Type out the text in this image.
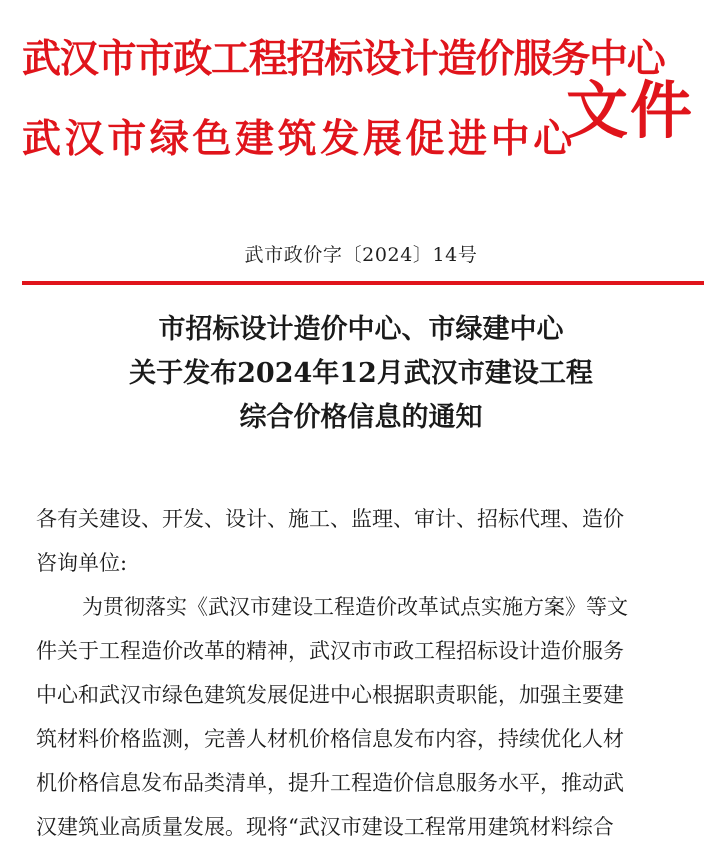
武汉市市政工程招标设计造价服务中心
武汉市绿色建筑发展促进中心
文件
武市政价字〔2024〕14号
市招标设计造价中心、市绿建中心
关于发布2024年12月武汉市建设工程
综合价格信息的通知
各有关建设、开发、设计、施工、监理、审计、招标代理、造价
咨询单位:
为贯彻落实《武汉市建设工程造价改革试点实施方案》等文
件关于工程造价改革的精神，武汉市市政工程招标设计造价服务
中心和武汉市绿色建筑发展促进中心根据职责职能，加强主要建
筑材料价格监测，完善人材机价格信息发布内容，持续优化人材
机价格信息发布品类清单，提升工程造价信息服务水平，推动武
汉建筑业高质量发展。现将“武汉市建设工程常用建筑材料综合
